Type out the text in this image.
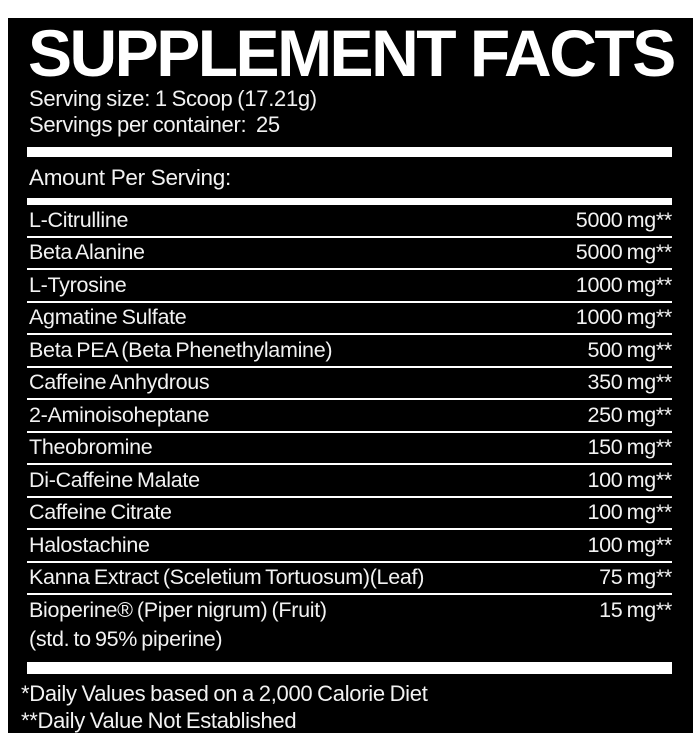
SUPPLEMENT FACTS
Serving size: 1 Scoop (17.21g)
Servings per container:  25
Amount Per Serving:
L-Citrulline	5000 mg**
Beta Alanine	5000 mg**
L-Tyrosine	1000 mg**
Agmatine Sulfate	1000 mg**
Beta PEA (Beta Phenethylamine)	500 mg**
Caffeine Anhydrous	350 mg**
2-Aminoisoheptane	250 mg**
Theobromine	150 mg**
Di-Caffeine Malate	100 mg**
Caffeine Citrate	100 mg**
Halostachine	100 mg**
Kanna Extract (Sceletium Tortuosum)(Leaf)	75 mg**
Bioperine® (Piper nigrum) (Fruit)	15 mg**
(std. to 95% piperine)
*Daily Values based on a 2,000 Calorie Diet
**Daily Value Not Established
